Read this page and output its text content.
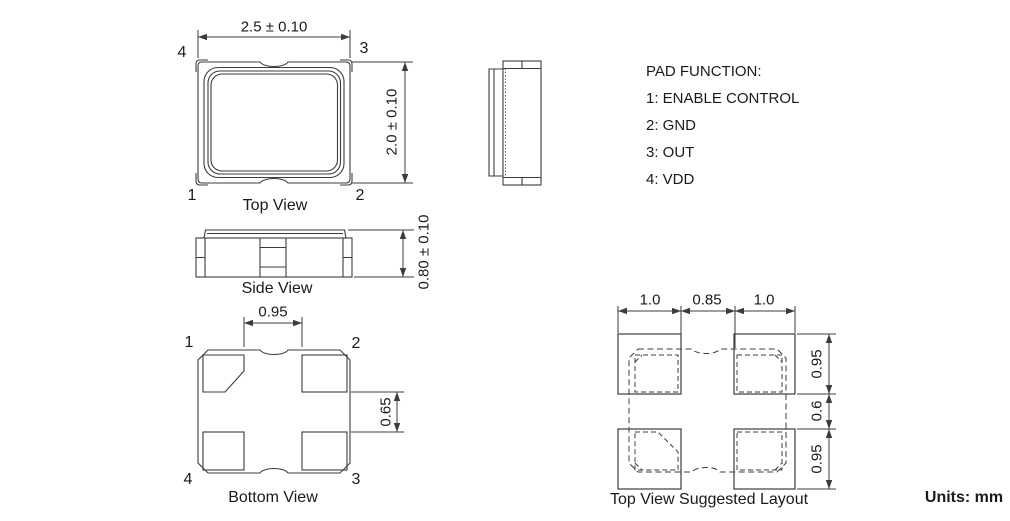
2.5 ± 0.10
2.0 ± 0.10
4	3
1	2
Top View
0.80 ± 0.10
Side View
0.95
0.65
1	2
4	3
Bottom View
PAD FUNCTION:
1: ENABLE CONTROL
2: GND
3: OUT
4: VDD
1.0 0.85 1.0
0.95
0.6
0.95
Top View Suggested Layout	Units: mm
